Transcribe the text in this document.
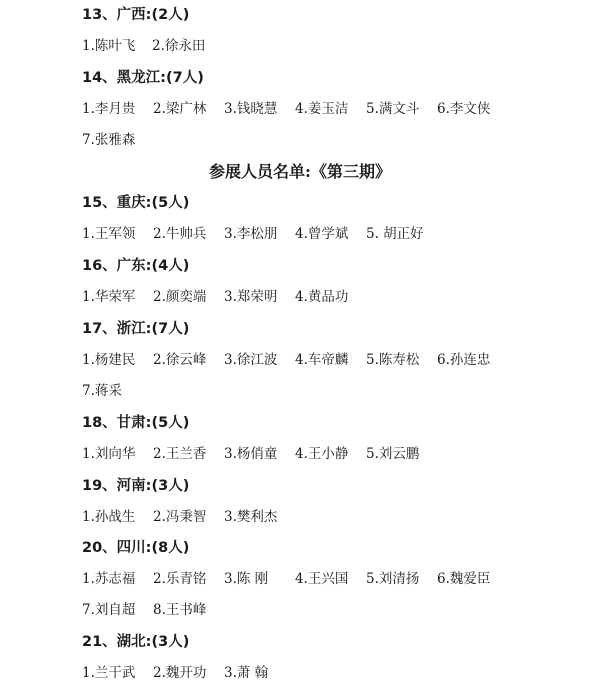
13、广西:(2人)
1.陈叶飞 2.徐永田
14、黑龙江:(7人)
1.李月贵 2.梁广林 3.钱晓慧 4.姜玉洁 5.满文斗 6.李文侠
7.张雅森
参展人员名单:《第三期》
15、重庆:(5人)
1.王军领 2.牛帅兵 3.李松朋 4.曾学斌 5. 胡正好
16、广东:(4人)
1.华荣军 2.颜奕端 3.郑荣明 4.黄品功
17、浙江:(7人)
1.杨建民 2.徐云峰 3.徐江波 4.车帝麟 5.陈寿松 6.孙连忠
7.蒋采
18、甘肃:(5人)
1.刘向华 2.王兰香 3.杨俏童 4.王小静 5.刘云鹏
19、河南:(3人)
1.孙战生 2.冯秉智 3.樊利杰
20、四川:(8人)
1.苏志福 2.乐青铭 3.陈 刚 4.王兴国 5.刘清扬 6.魏爱臣
7.刘自超 8.王书峰
21、湖北:(3人)
1.兰干武 2.魏开功 3.萧 翰
